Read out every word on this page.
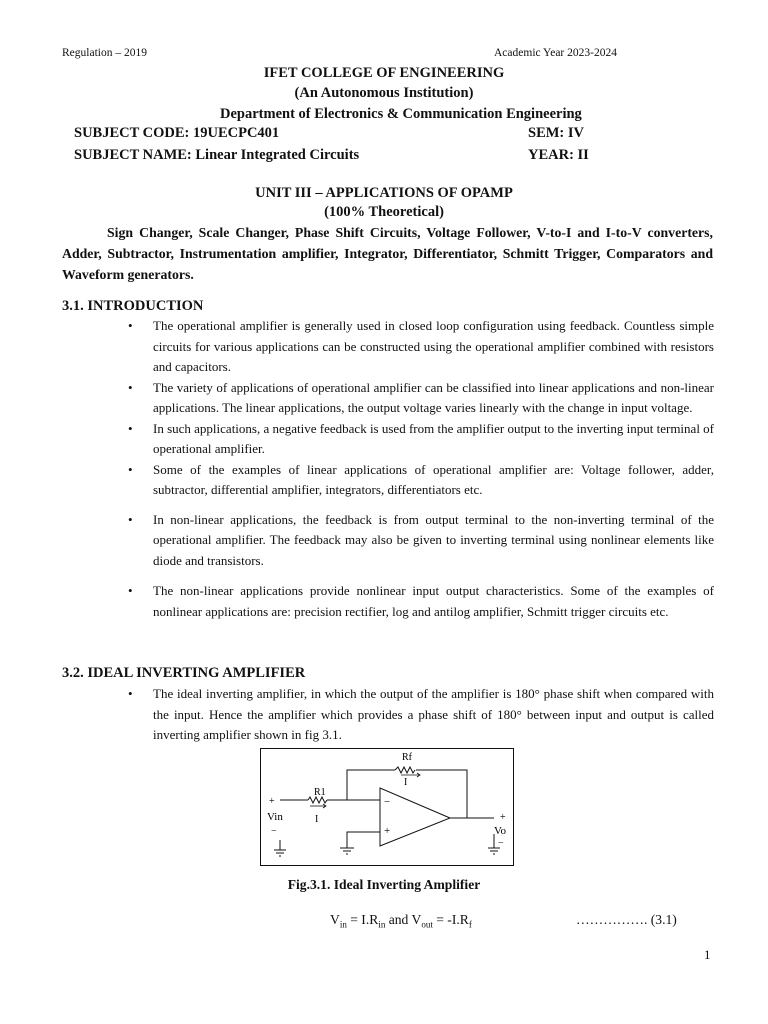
Regulation – 2019	Academic Year 2023-2024
IFET COLLEGE OF ENGINEERING
(An Autonomous Institution)
Department of Electronics & Communication Engineering
SUBJECT CODE: 19UECPC401	SEM: IV
SUBJECT NAME: Linear Integrated Circuits	YEAR: II
UNIT III – APPLICATIONS OF OPAMP
(100% Theoretical)
Sign Changer, Scale Changer, Phase Shift Circuits, Voltage Follower, V-to-I and I-to-V converters, Adder, Subtractor, Instrumentation amplifier, Integrator, Differentiator, Schmitt Trigger, Comparators and Waveform generators.
3.1. INTRODUCTION
• The operational amplifier is generally used in closed loop configuration using feedback. Countless simple circuits for various applications can be constructed using the operational amplifier combined with resistors and capacitors.
• The variety of applications of operational amplifier can be classified into linear applications and non-linear applications. The linear applications, the output voltage varies linearly with the change in input voltage.
• In such applications, a negative feedback is used from the amplifier output to the inverting input terminal of operational amplifier.
• Some of the examples of linear applications of operational amplifier are: Voltage follower, adder, subtractor, differential amplifier, integrators, differentiators etc.
• In non-linear applications, the feedback is from output terminal to the non-inverting terminal of the operational amplifier. The feedback may also be given to inverting terminal using nonlinear elements like diode and transistors.
• The non-linear applications provide nonlinear input output characteristics. Some of the examples of nonlinear applications are: precision rectifier, log and antilog amplifier, Schmitt trigger circuits etc.
3.2. IDEAL INVERTING AMPLIFIER
• The ideal inverting amplifier, in which the output of the amplifier is 180° phase shift when compared with the input. Hence the amplifier which provides a phase shift of 180° between input and output is called inverting amplifier shown in fig 3.1.
Rf
I
R1
I
−
+
+
Vo
−
+
Vin
−
Fig.3.1. Ideal Inverting Amplifier
$V_{in} = I.R_{in}$ and $V_{out} = -I.R_f$	……………. (3.1)
1
